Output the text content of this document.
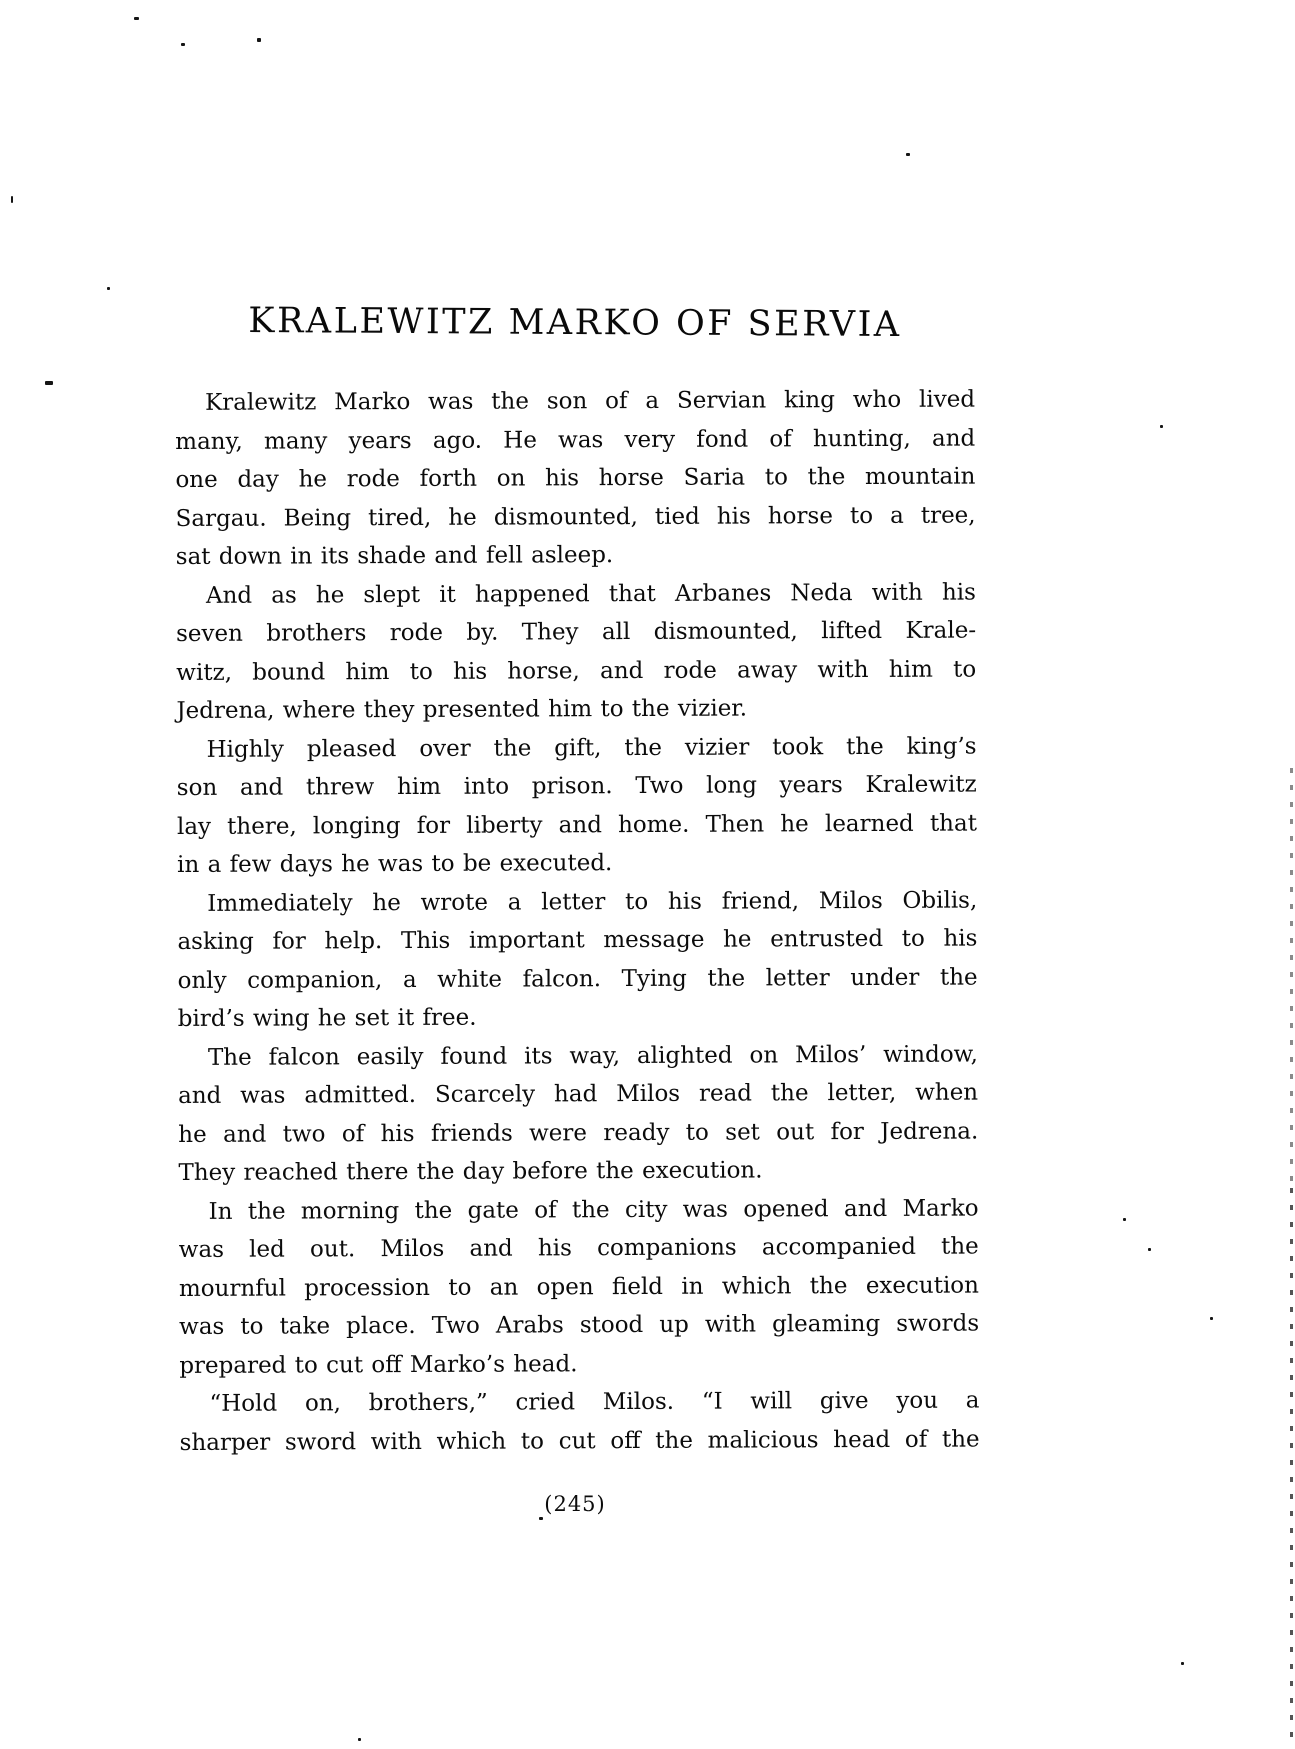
KRALEWITZ MARKO OF SERVIA
Kralewitz Marko was the son of a Servian king who lived
many, many years ago. He was very fond of hunting, and
one day he rode forth on his horse Saria to the mountain
Sargau. Being tired, he dismounted, tied his horse to a tree,
sat down in its shade and fell asleep.
And as he slept it happened that Arbanes Neda with his
seven brothers rode by. They all dismounted, lifted Krale-
witz, bound him to his horse, and rode away with him to
Jedrena, where they presented him to the vizier.
Highly pleased over the gift, the vizier took the king’s
son and threw him into prison. Two long years Kralewitz
lay there, longing for liberty and home. Then he learned that
in a few days he was to be executed.
Immediately he wrote a letter to his friend, Milos Obilis,
asking for help. This important message he entrusted to his
only companion, a white falcon. Tying the letter under the
bird’s wing he set it free.
The falcon easily found its way, alighted on Milos’ window,
and was admitted. Scarcely had Milos read the letter, when
he and two of his friends were ready to set out for Jedrena.
They reached there the day before the execution.
In the morning the gate of the city was opened and Marko
was led out. Milos and his companions accompanied the
mournful procession to an open field in which the execution
was to take place. Two Arabs stood up with gleaming swords
prepared to cut off Marko’s head.
“Hold on, brothers,” cried Milos. “I will give you a
sharper sword with which to cut off the malicious head of the
(245)
